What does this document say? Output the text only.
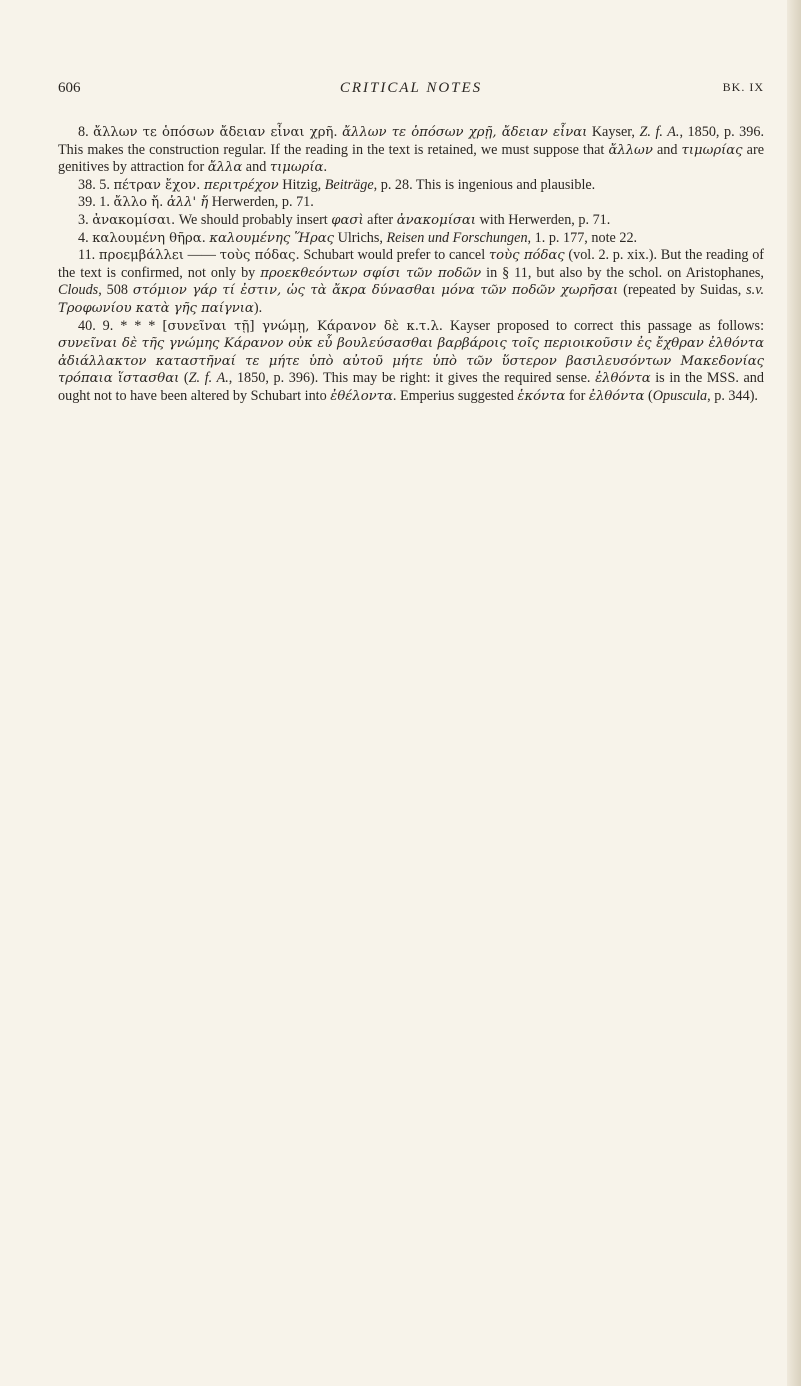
606	CRITICAL NOTES	BK. IX

8. ἄλλων τε ὁπόσων ἄδειαν εἶναι χρῆ. ἄλλων τε ὁπόσων χρῇ, ἄδειαν εἶναι Kayser, Z. f. A., 1850, p. 396. This makes the construction regular. If the reading in the text is retained, we must suppose that ἄλλων and τιμωρίας are genitives by attraction for ἄλλα and τιμωρία.

38. 5. πέτραν ἔχον. περιτρέχον Hitzig, Beiträge, p. 28. This is ingenious and plausible.

39. 1. ἄλλο ἤ. ἀλλ' ἤ Herwerden, p. 71.

3. ἀνακομίσαι. We should probably insert φασὶ after ἀνακομίσαι with Herwerden, p. 71.

4. καλουμένη θῆρα. καλουμένης Ἥρας Ulrichs, Reisen und Forschungen, 1. p. 177, note 22.

11. προεμβάλλει —— τοὺς πόδας. Schubart would prefer to cancel τοὺς πόδας (vol. 2. p. xix.). But the reading of the text is confirmed, not only by προεκθεόντων σφίσι τῶν ποδῶν in § 11, but also by the schol. on Aristophanes, Clouds, 508 στόμιον γάρ τί ἐστιν, ὡς τὰ ἄκρα δύνασθαι μόνα τῶν ποδῶν χωρῆσαι (repeated by Suidas, s.v. Τροφωνίου κατὰ γῆς παίγνια).

40. 9. * * * [συνεῖναι τῇ] γνώμῃ, Κάρανον δὲ κ.τ.λ. Kayser proposed to correct this passage as follows: συνεῖναι δὲ τῆς γνώμης Κάρανον οὐκ εὖ βουλεύσασθαι βαρβάροις τοῖς περιοικοῦσιν ἐς ἔχθραν ἐλθόντα ἀδιάλλακτον καταστῆναί τε μήτε ὑπὸ αὐτοῦ μήτε ὑπὸ τῶν ὕστερον βασιλευσόντων Μακεδονίας τρόπαια ἵστασθαι (Z. f. A., 1850, p. 396). This may be right: it gives the required sense. ἐλθόντα is in the MSS. and ought not to have been altered by Schubart into ἐθέλοντα. Emperius suggested ἑκόντα for ἐλθόντα (Opuscula, p. 344).
